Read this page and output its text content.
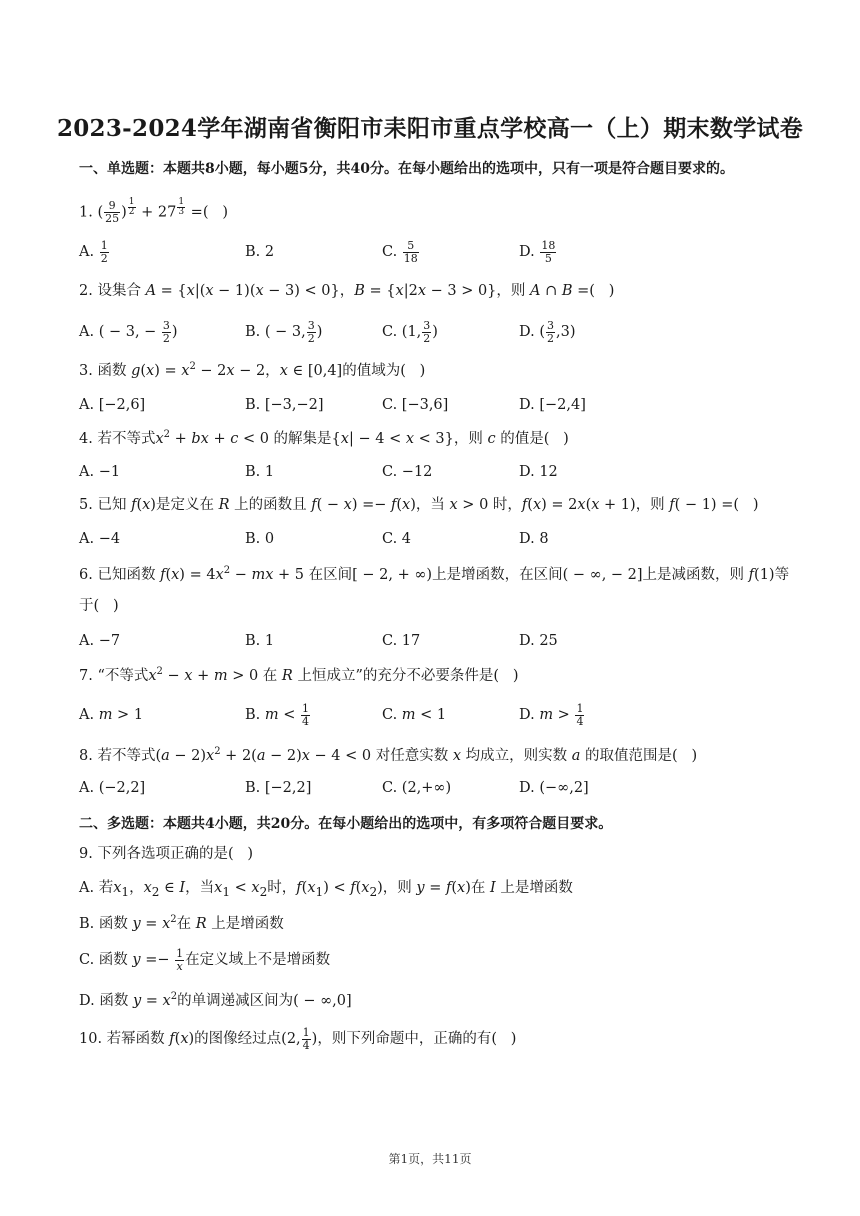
2023-2024学年湖南省衡阳市耒阳市重点学校高一（上）期末数学试卷
一、单选题：本题共8小题，每小题5分，共40分。在每小题给出的选项中，只有一项是符合题目要求的。
1. ( $\frac{9}{25}$ ) $^{\frac{1}{2}}$ + 27 $^{\frac{1}{3}}$ =(   )
A. $\frac{1}{2}$	B. 2	C. $\frac{5}{18}$	D. $\frac{18}{5}$
2. 设集合 A = {x|(x − 1)(x − 3) < 0}，B = {x|2x − 3 > 0}，则 A ∩ B =(   )
A. ( − 3, − $\frac{3}{2}$ )	B. ( − 3, $\frac{3}{2}$ )	C. (1, $\frac{3}{2}$ )	D. ( $\frac{3}{2} ,3$)
3. 函数 $g(x) = x^2 - 2x - 2$，x ∈ [0,4]的值域为(   )
A. [−2,6]	B. [−3,−2]	C. [−3,6]	D. [−2,4]
4. 若不等式$x^2$ + bx + c < 0 的解集是{x| − 4 < x < 3}，则 c 的值是(   )
A. −1	B. 1	C. −12	D. 12
5. 已知 f(x)是定义在 R 上的函数且 f( − x) =− f(x)，当 x > 0 时，f(x) = 2x(x + 1)，则 f( − 1) =(   )
A. −4	B. 0	C. 4	D. 8
6. 已知函数 $f(x) = 4x^2$ − mx + 5 在区间[ − 2, + ∞)上是增函数，在区间( − ∞, − 2]上是减函数，则 f(1)等
于(   )
A. −7	B. 1	C. 17	D. 25
7. “不等式$x^2 - x + m > 0$ 在 R 上恒成立”的充分不必要条件是(   )
A. m > 1	B. $m < \frac{1}{4}$	C. m < 1	D. $m > \frac{1}{4}$
8. 若不等式$(a - 2)x^2 + 2(a - 2)x - 4 < 0$ 对任意实数 x 均成立，则实数 a 的取值范围是(   )
A. (−2,2]	B. [−2,2]	C. (2,+∞)	D. (−∞,2]
二、多选题：本题共4小题，共20分。在每小题给出的选项中，有多项符合题目要求。
9. 下列各选项正确的是(   )
A. 若$x_1$，$x_2$ ∈ I，当$x_1 < x_2$时，$f(x_1) < f(x_2)$，则 y = f(x)在 I 上是增函数
B. 函数 $y = x^2$在 R 上是增函数
C. 函数 $y =- \frac{1}{x}$ 在定义域上不是增函数
D. 函数 $y = x^2$的单调递减区间为( − ∞,0]
10. 若幂函数 f(x)的图像经过点(2, $\frac{1}{4}$ )，则下列命题中，正确的有(   )
第1页，共11页
